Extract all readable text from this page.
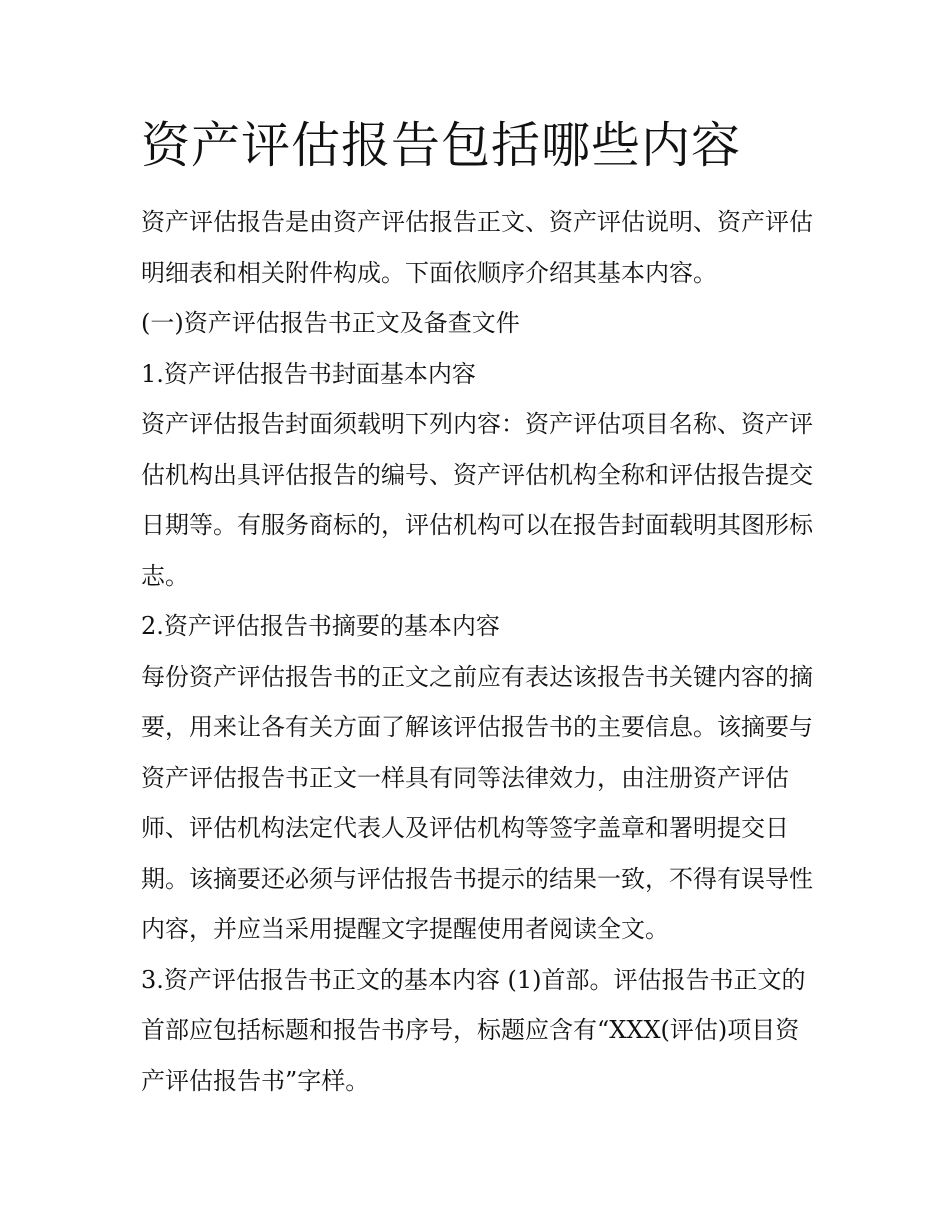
资产评估报告包括哪些内容

资产评估报告是由资产评估报告正文、资产评估说明、资产评估明细表和相关附件构成。下面依顺序介绍其基本内容。

(一)资产评估报告书正文及备查文件

1.资产评估报告书封面基本内容

资产评估报告封面须载明下列内容：资产评估项目名称、资产评估机构出具评估报告的编号、资产评估机构全称和评估报告提交日期等。有服务商标的，评估机构可以在报告封面载明其图形标志。

2.资产评估报告书摘要的基本内容

每份资产评估报告书的正文之前应有表达该报告书关键内容的摘要，用来让各有关方面了解该评估报告书的主要信息。该摘要与资产评估报告书正文一样具有同等法律效力，由注册资产评估师、评估机构法定代表人及评估机构等签字盖章和署明提交日期。该摘要还必须与评估报告书提示的结果一致，不得有误导性内容，并应当采用提醒文字提醒使用者阅读全文。

3.资产评估报告书正文的基本内容 (1)首部。评估报告书正文的首部应包括标题和报告书序号，标题应含有“XXX(评估)项目资产评估报告书”字样。
